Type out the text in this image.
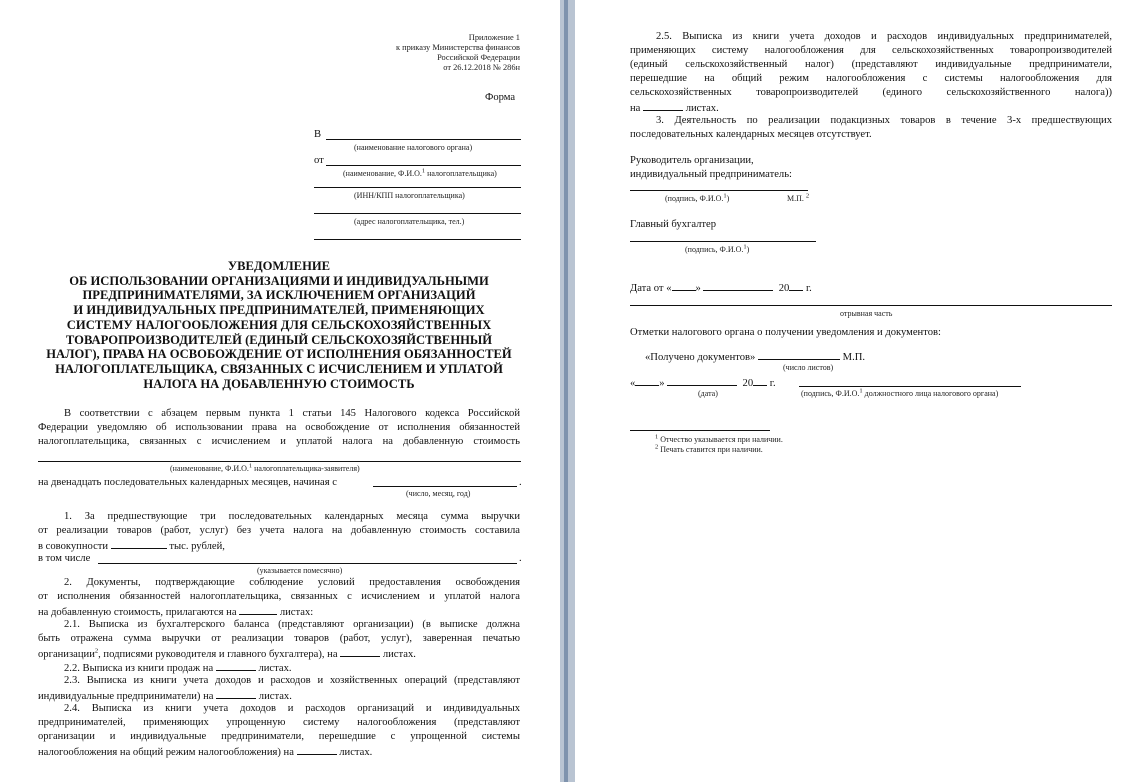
Приложение 1
к приказу Министерства финансов
Российской Федерации
от 26.12.2018 № 286н
Форма
В
(наименование налогового органа)
от
(наименование, Ф.И.О.$^1$ налогоплательщика)
(ИНН/КПП налогоплательщика)
(адрес налогоплательщика, тел.)
УВЕДОМЛЕНИЕ
ОБ ИСПОЛЬЗОВАНИИ ОРГАНИЗАЦИЯМИ И ИНДИВИДУАЛЬНЫМИ
ПРЕДПРИНИМАТЕЛЯМИ, ЗА ИСКЛЮЧЕНИЕМ ОРГАНИЗАЦИЙ
И ИНДИВИДУАЛЬНЫХ ПРЕДПРИНИМАТЕЛЕЙ, ПРИМЕНЯЮЩИХ
СИСТЕМУ НАЛОГООБЛОЖЕНИЯ ДЛЯ СЕЛЬСКОХОЗЯЙСТВЕННЫХ
ТОВАРОПРОИЗВОДИТЕЛЕЙ (ЕДИНЫЙ СЕЛЬСКОХОЗЯЙСТВЕННЫЙ
НАЛОГ), ПРАВА НА ОСВОБОЖДЕНИЕ ОТ ИСПОЛНЕНИЯ ОБЯЗАННОСТЕЙ
НАЛОГОПЛАТЕЛЬЩИКА, СВЯЗАННЫХ С ИСЧИСЛЕНИЕМ И УПЛАТОЙ
НАЛОГА НА ДОБАВЛЕННУЮ СТОИМОСТЬ
В соответствии с абзацем первым пункта 1 статьи 145 Налогового кодекса Российской
Федерации уведомляю об использовании права на освобождение от исполнения обязанностей
налогоплательщика, связанных с исчислением и уплатой налога на добавленную стоимость
(наименование, Ф.И.О.$^1$ налогоплательщика-заявителя)
на двенадцать последовательных календарных месяцев, начиная с	.
(число, месяц, год)
1. За предшествующие три последовательных календарных месяца сумма выручки
от реализации товаров (работ, услуг) без учета налога на добавленную стоимость составила
в совокупности	тыс. рублей,
в том числе	.
(указывается помесячно)
2. Документы, подтверждающие соблюдение условий предоставления освобождения
от исполнения обязанностей налогоплательщика, связанных с исчислением и уплатой налога
на добавленную стоимость, прилагаются на	листах:
2.1. Выписка из бухгалтерского баланса (представляют организации) (в выписке должна
быть отражена сумма выручки от реализации товаров (работ, услуг), заверенная печатью
организации$^2$, подписями руководителя и главного бухгалтера), на	листах.
2.2. Выписка из книги продаж на	листах.
2.3. Выписка из книги учета доходов и расходов и хозяйственных операций (представляют
индивидуальные предприниматели) на	листах.
2.4. Выписка из книги учета доходов и расходов организаций и индивидуальных
предпринимателей, применяющих упрощенную систему налогообложения (представляют
организации и индивидуальные предприниматели, перешедшие с упрощенной системы
налогообложения на общий режим налогообложения) на	листах.
2.5. Выписка из книги учета доходов и расходов индивидуальных предпринимателей,
применяющих систему налогообложения для сельскохозяйственных товаропроизводителей
(единый сельскохозяйственный налог) (представляют индивидуальные предприниматели,
перешедшие на общий режим налогообложения с системы налогообложения для
сельскохозяйственных товаропроизводителей (единого сельскохозяйственного налога))
на	листах.
3. Деятельность по реализации подакцизных товаров в течение 3-х предшествующих
последовательных календарных месяцев отсутствует.
Руководитель организации,
индивидуальный предприниматель:
(подпись, Ф.И.О.$^1$)	М.П. $^2$
Главный бухгалтер
(подпись, Ф.И.О.$^1$)
Дата от « »	20 г.
отрывная часть
Отметки налогового органа о получении уведомления и документов:
«Получено документов»	М.П.
(число листов)
« »	20 г.
(дата)	(подпись, Ф.И.О.$^1$ должностного лица налогового органа)
$^1$ Отчество указывается при наличии.
$^2$ Печать ставится при наличии.
